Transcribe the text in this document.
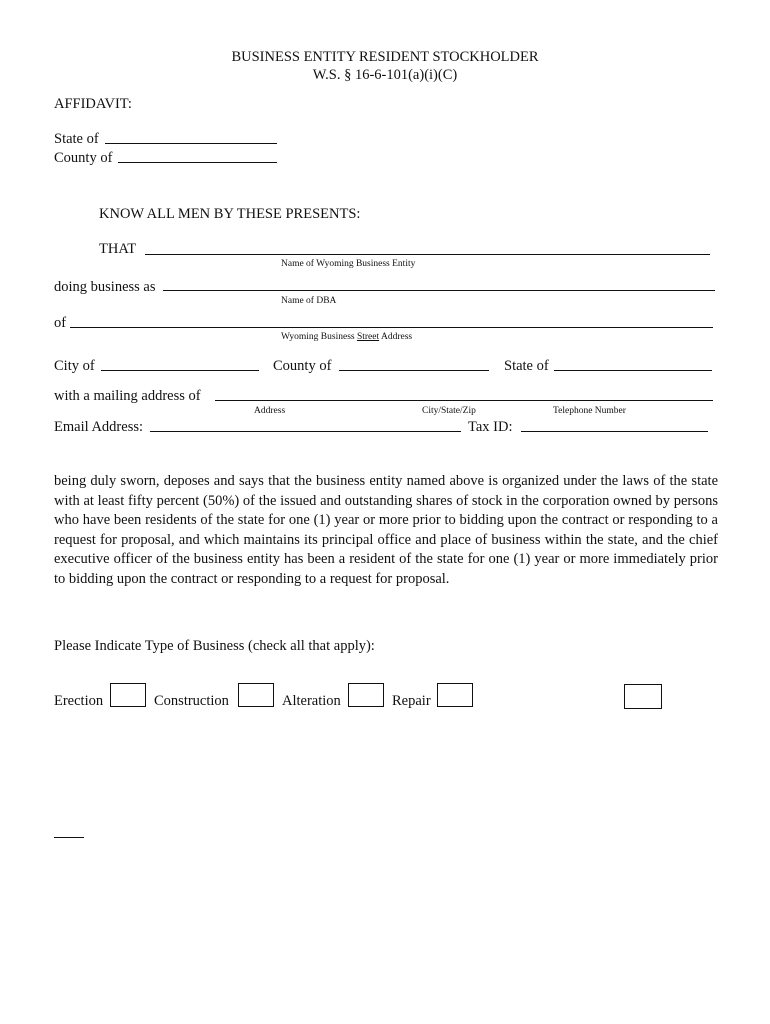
BUSINESS ENTITY RESIDENT STOCKHOLDER
W.S. § 16-6-101(a)(i)(C)
AFFIDAVIT:
State of
County of
KNOW ALL MEN BY THESE PRESENTS:
THAT
Name of Wyoming Business Entity
doing business as
Name of DBA
of
Wyoming Business Street Address
City of	County of	State of
with a mailing address of
Address	City/State/Zip	Telephone Number
Email Address:	Tax ID:
being duly sworn, deposes and says that the business entity named above is organized under the laws of the state with at least fifty percent (50%) of the issued and outstanding shares of stock in the corporation owned by persons who have been residents of the state for one (1) year or more prior to bidding upon the contract or responding to a request for proposal, and which maintains its principal office and place of business within the state, and the chief executive officer of the business entity has been a resident of the state for one (1) year or more immediately prior to bidding upon the contract or responding to a request for proposal.
Please Indicate Type of Business (check all that apply):
Erection	Construction	Alteration	Repair
